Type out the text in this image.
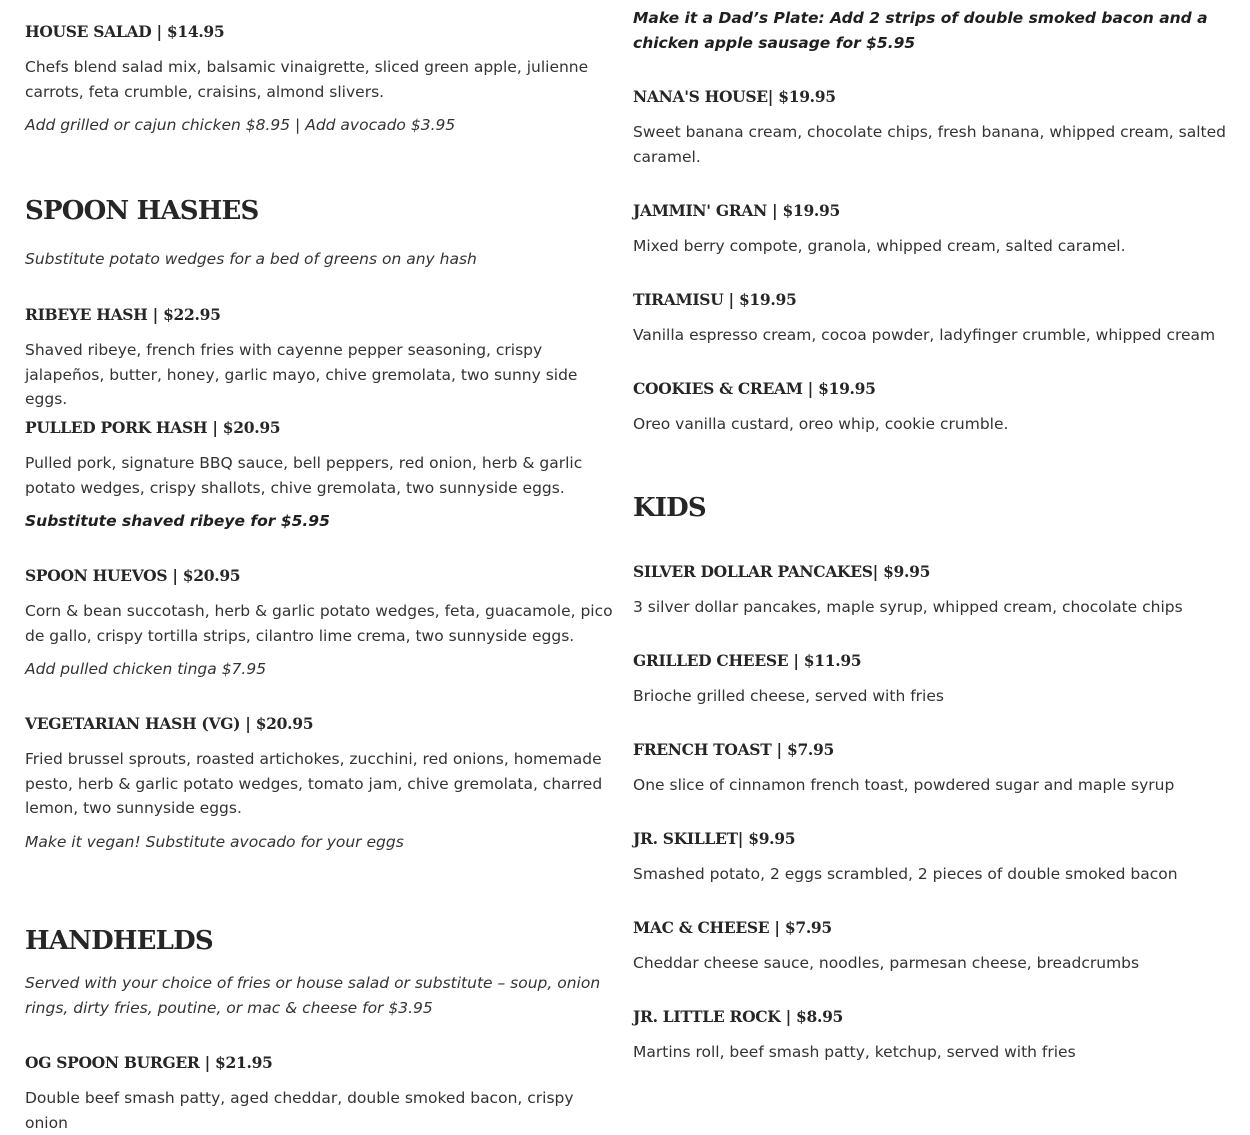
HOUSE SALAD | $14.95

Chefs blend salad mix, balsamic vinaigrette, sliced green apple, julienne carrots, feta crumble, craisins, almond slivers.

Add grilled or cajun chicken $8.95 | Add avocado $3.95

SPOON HASHES

Substitute potato wedges for a bed of greens on any hash

RIBEYE HASH | $22.95

Shaved ribeye, french fries with cayenne pepper seasoning, crispy jalapeños, butter, honey, garlic mayo, chive gremolata, two sunny side eggs.

PULLED PORK HASH | $20.95

Pulled pork, signature BBQ sauce, bell peppers, red onion, herb & garlic potato wedges, crispy shallots, chive gremolata, two sunnyside eggs.

Substitute shaved ribeye for $5.95

SPOON HUEVOS | $20.95

Corn & bean succotash, herb & garlic potato wedges, feta, guacamole, pico de gallo, crispy tortilla strips, cilantro lime crema, two sunnyside eggs.

Add pulled chicken tinga $7.95

VEGETARIAN HASH (VG) | $20.95

Fried brussel sprouts, roasted artichokes, zucchini, red onions, homemade pesto, herb & garlic potato wedges, tomato jam, chive gremolata, charred lemon, two sunnyside eggs.

Make it vegan! Substitute avocado for your eggs

HANDHELDS

Served with your choice of fries or house salad or substitute – soup, onion rings, dirty fries, poutine, or mac & cheese for $3.95

OG SPOON BURGER | $21.95

Double beef smash patty, aged cheddar, double smoked bacon, crispy onion

Make it a Dad’s Plate: Add 2 strips of double smoked bacon and a chicken apple sausage for $5.95

NANA'S HOUSE| $19.95

Sweet banana cream, chocolate chips, fresh banana, whipped cream, salted caramel.

JAMMIN' GRAN | $19.95

Mixed berry compote, granola, whipped cream, salted caramel.

TIRAMISU | $19.95

Vanilla espresso cream, cocoa powder, ladyfinger crumble, whipped cream

COOKIES & CREAM | $19.95

Oreo vanilla custard, oreo whip, cookie crumble.

KIDS

SILVER DOLLAR PANCAKES| $9.95

3 silver dollar pancakes, maple syrup, whipped cream, chocolate chips

GRILLED CHEESE | $11.95

Brioche grilled cheese, served with fries

FRENCH TOAST | $7.95

One slice of cinnamon french toast, powdered sugar and maple syrup

JR. SKILLET| $9.95

Smashed potato, 2 eggs scrambled, 2 pieces of double smoked bacon

MAC & CHEESE | $7.95

Cheddar cheese sauce, noodles, parmesan cheese, breadcrumbs

JR. LITTLE ROCK | $8.95

Martins roll, beef smash patty, ketchup, served with fries
